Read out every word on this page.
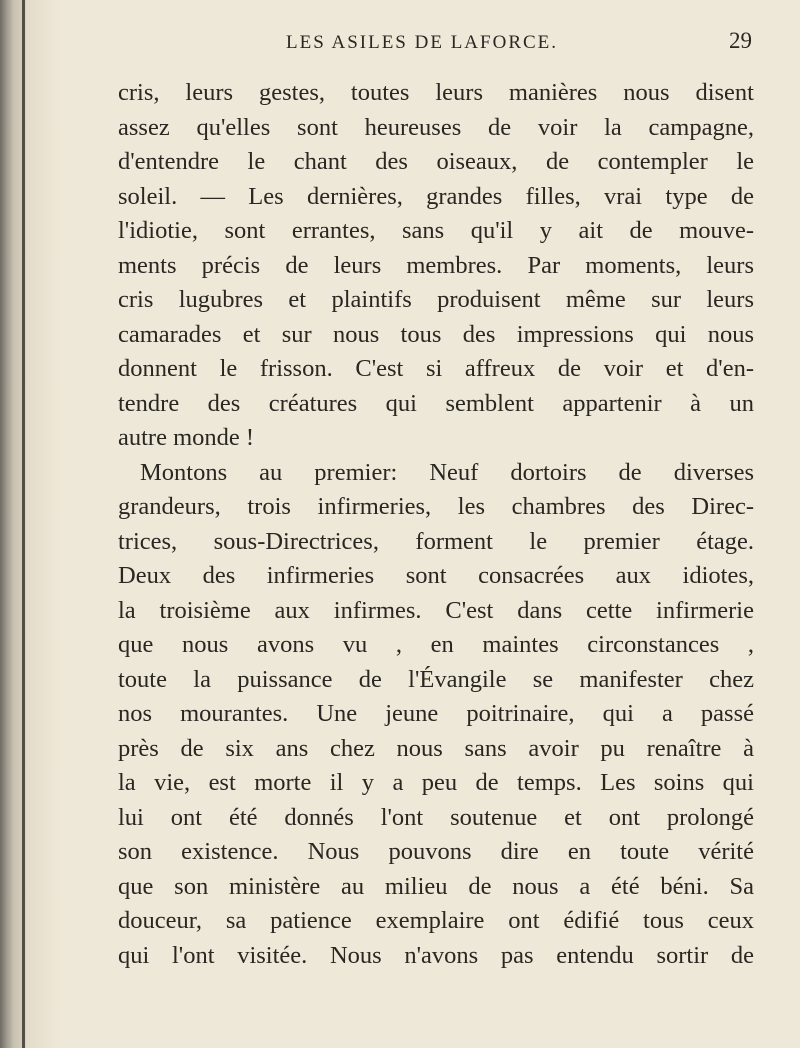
LES ASILES DE LAFORCE.	29
cris, leurs gestes, toutes leurs manières nous disent
assez qu'elles sont heureuses de voir la campagne,
d'entendre le chant des oiseaux, de contempler le
soleil. — Les dernières, grandes filles, vrai type de
l'idiotie, sont errantes, sans qu'il y ait de mouve-
ments précis de leurs membres. Par moments, leurs
cris lugubres et plaintifs produisent même sur leurs
camarades et sur nous tous des impressions qui nous
donnent le frisson. C'est si affreux de voir et d'en-
tendre des créatures qui semblent appartenir à un
autre monde !
Montons au premier: Neuf dortoirs de diverses
grandeurs, trois infirmeries, les chambres des Direc-
trices, sous-Directrices, forment le premier étage.
Deux des infirmeries sont consacrées aux idiotes,
la troisième aux infirmes. C'est dans cette infirmerie
que nous avons vu , en maintes circonstances ,
toute la puissance de l'Évangile se manifester chez
nos mourantes. Une jeune poitrinaire, qui a passé
près de six ans chez nous sans avoir pu renaître à
la vie, est morte il y a peu de temps. Les soins qui
lui ont été donnés l'ont soutenue et ont prolongé
son existence. Nous pouvons dire en toute vérité
que son ministère au milieu de nous a été béni. Sa
douceur, sa patience exemplaire ont édifié tous ceux
qui l'ont visitée. Nous n'avons pas entendu sortir de
